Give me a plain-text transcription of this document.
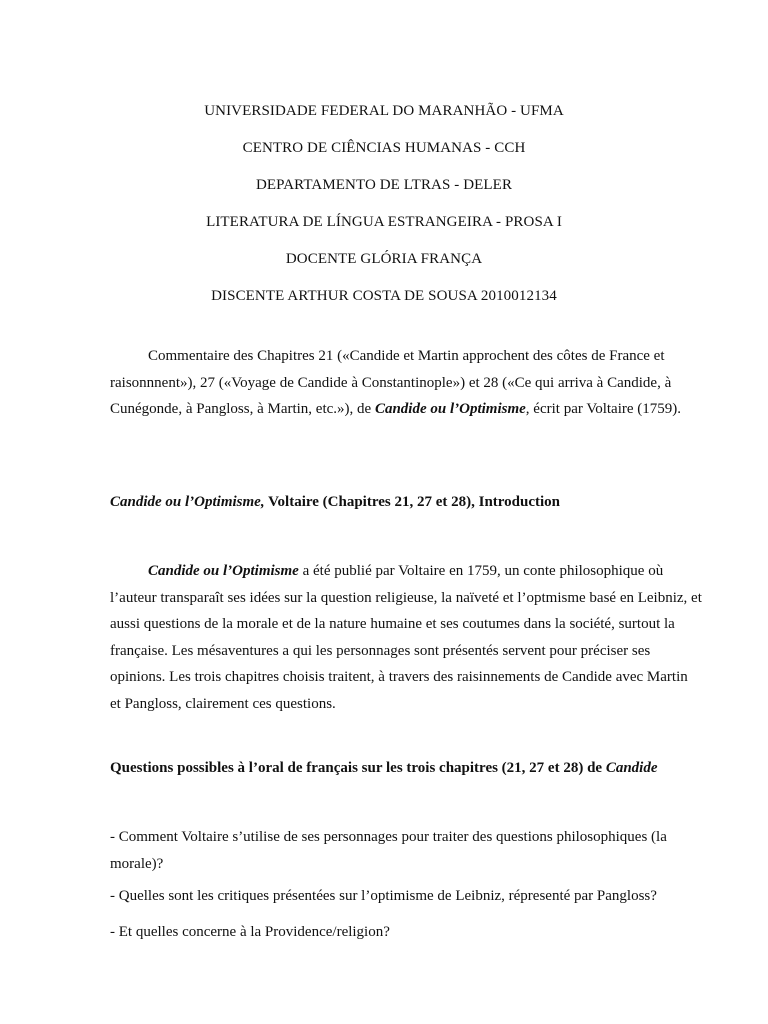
UNIVERSIDADE FEDERAL DO MARANHÃO - UFMA

CENTRO DE CIÊNCIAS HUMANAS - CCH

DEPARTAMENTO DE LTRAS - DELER

LITERATURA DE LÍNGUA ESTRANGEIRA - PROSA I

DOCENTE GLÓRIA FRANÇA

DISCENTE ARTHUR COSTA DE SOUSA 2010012134

Commentaire des Chapitres 21 («Candide et Martin approchent des côtes de France et raisonnnent»), 27 («Voyage de Candide à Constantinople») et 28 («Ce qui arriva à Candide, à Cunégonde, à Pangloss, à Martin, etc.»), de Candide ou l’Optimisme, écrit par Voltaire (1759).

Candide ou l’Optimisme, Voltaire (Chapitres 21, 27 et 28), Introduction

Candide ou l’Optimisme a été publié par Voltaire en 1759, un conte philosophique où l’auteur transparaît ses idées sur la question religieuse, la naïveté et l’optmisme basé en Leibniz, et aussi questions de la morale et de la nature humaine et ses coutumes dans la société, surtout la française. Les mésaventures a qui les personnages sont présentés servent pour préciser ses opinions. Les trois chapitres choisis traitent, à travers des raisinnements de Candide avec Martin et Pangloss, clairement ces questions.

Questions possibles à l’oral de français sur les trois chapitres (21, 27 et 28) de Candide

- Comment Voltaire s’utilise de ses personnages pour traiter des questions philosophiques (la morale)?

- Quelles sont les critiques présentées sur l’optimisme de Leibniz, répresenté par Pangloss?

- Et quelles concerne à la Providence/religion?
